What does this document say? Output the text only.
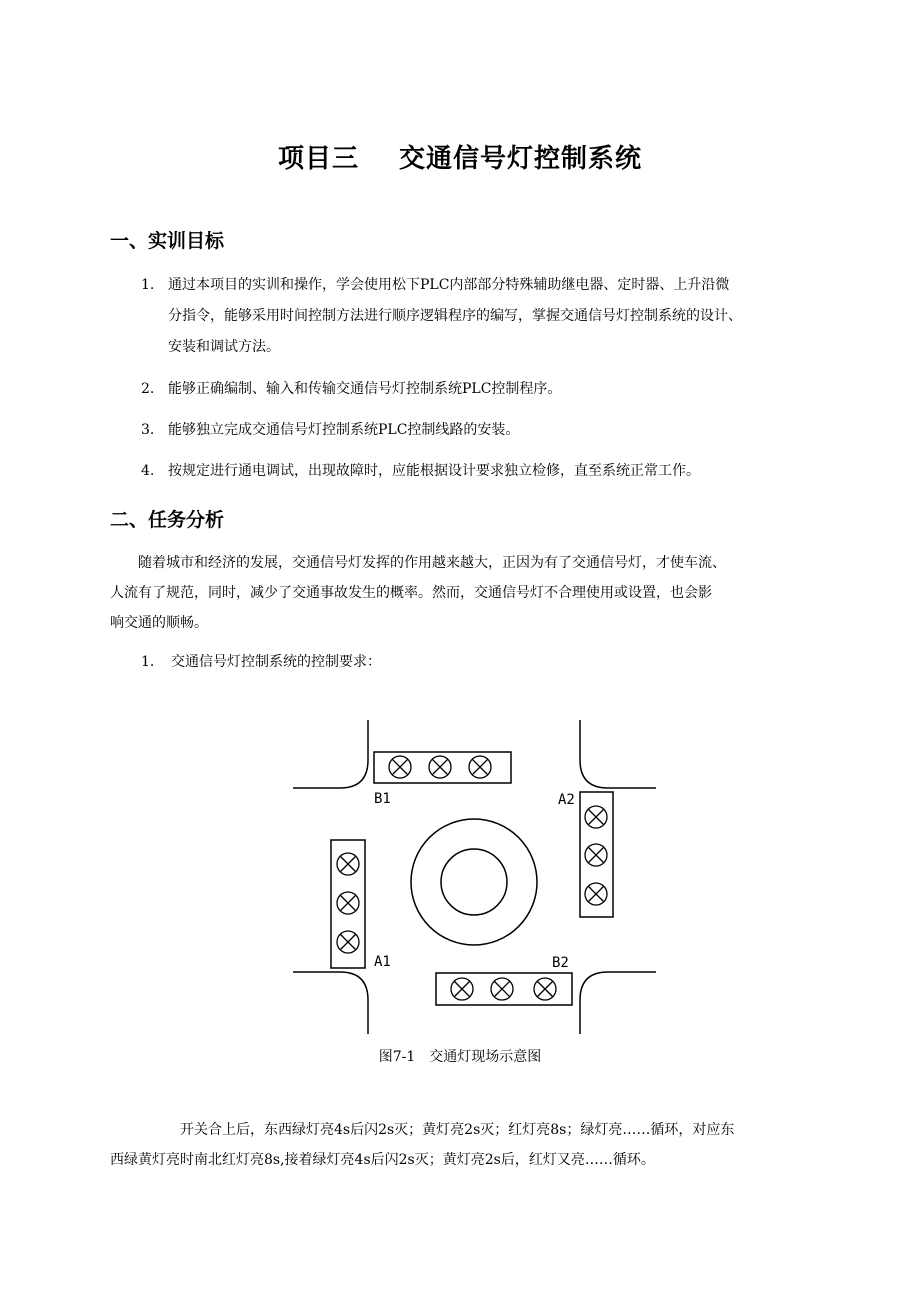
项目三 交通信号灯控制系统
一、实训目标
1. 通过本项目的实训和操作，学会使用松下PLC内部部分特殊辅助继电器、定时器、上升沿微
分指令，能够采用时间控制方法进行顺序逻辑程序的编写，掌握交通信号灯控制系统的设计、
安装和调试方法。
2. 能够正确编制、输入和传输交通信号灯控制系统PLC控制程序。
3. 能够独立完成交通信号灯控制系统PLC控制线路的安装。
4. 按规定进行通电调试，出现故障时，应能根据设计要求独立检修，直至系统正常工作。
二、任务分析
随着城市和经济的发展，交通信号灯发挥的作用越来越大，正因为有了交通信号灯，才使车流、
人流有了规范，同时，减少了交通事故发生的概率。然而，交通信号灯不合理使用或设置，也会影
响交通的顺畅。
1. 交通信号灯控制系统的控制要求：
B1	A2
A1	B2
图7-1　交通灯现场示意图
开关合上后，东西绿灯亮4s后闪2s灭；黄灯亮2s灭；红灯亮8s；绿灯亮……循环，对应东
西绿黄灯亮时南北红灯亮8s,接着绿灯亮4s后闪2s灭；黄灯亮2s后，红灯又亮……循环。
